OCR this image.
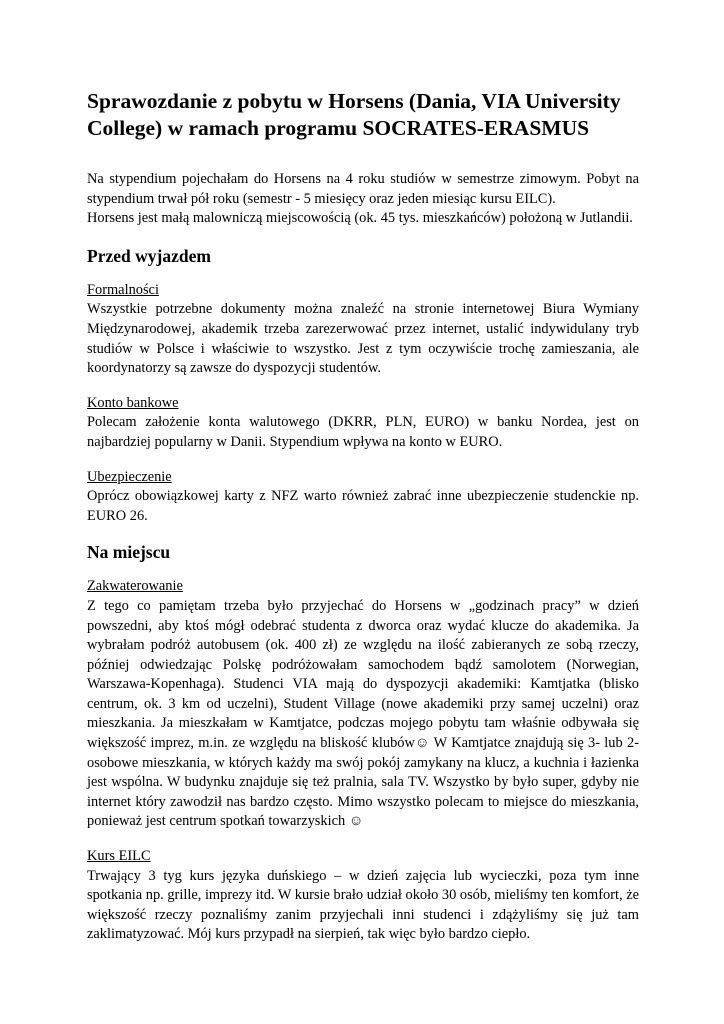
Sprawozdanie z pobytu w Horsens (Dania, VIA University College) w ramach programu SOCRATES-ERASMUS

Na stypendium pojechałam do Horsens na 4 roku studiów w semestrze zimowym. Pobyt na stypendium trwał pół roku (semestr - 5 miesięcy oraz jeden miesiąc kursu EILC).

Horsens jest małą malowniczą miejscowością (ok. 45 tys. mieszkańców) położoną w Jutlandii.

Przed wyjazdem

Formalności

Wszystkie potrzebne dokumenty można znaleźć na stronie internetowej Biura Wymiany Międzynarodowej, akademik trzeba zarezerwować przez internet, ustalić indywidulany tryb studiów w Polsce i właściwie to wszystko. Jest z tym oczywiście trochę zamieszania, ale koordynatorzy są zawsze do dyspozycji studentów.

Konto bankowe

Polecam założenie konta walutowego (DKRR, PLN, EURO) w banku Nordea, jest on najbardziej popularny w Danii. Stypendium wpływa na konto w EURO.

Ubezpieczenie

Oprócz obowiązkowej karty z NFZ warto również zabrać inne ubezpieczenie studenckie np. EURO 26.

Na miejscu

Zakwaterowanie

Z tego co pamiętam trzeba było przyjechać do Horsens w „godzinach pracy” w dzień powszedni, aby ktoś mógł odebrać studenta z dworca oraz wydać klucze do akademika. Ja wybrałam podróż autobusem (ok. 400 zł) ze względu na ilość zabieranych ze sobą rzeczy, później odwiedzając Polskę podróżowałam samochodem bądź samolotem (Norwegian, Warszawa-Kopenhaga). Studenci VIA mają do dyspozycji akademiki: Kamtjatka (blisko centrum, ok. 3 km od uczelni), Student Village (nowe akademiki przy samej uczelni) oraz mieszkania. Ja mieszkałam w Kamtjatce, podczas mojego pobytu tam właśnie odbywała się większość imprez, m.in. ze względu na bliskość klubów☺ W Kamtjatce znajdują się 3- lub 2-osobowe mieszkania, w których każdy ma swój pokój zamykany na klucz, a kuchnia i łazienka jest wspólna. W budynku znajduje się też pralnia, sala TV. Wszystko by było super, gdyby nie internet który zawodził nas bardzo często. Mimo wszystko polecam to miejsce do mieszkania, ponieważ jest centrum spotkań towarzyskich ☺

Kurs EILC

Trwający 3 tyg kurs języka duńskiego – w dzień zajęcia lub wycieczki, poza tym inne spotkania np. grille, imprezy itd. W kursie brało udział około 30 osób, mieliśmy ten komfort, że większość rzeczy poznaliśmy zanim przyjechali inni studenci i zdążyliśmy się już tam zaklimatyzować. Mój kurs przypadł na sierpień, tak więc było bardzo ciepło.
